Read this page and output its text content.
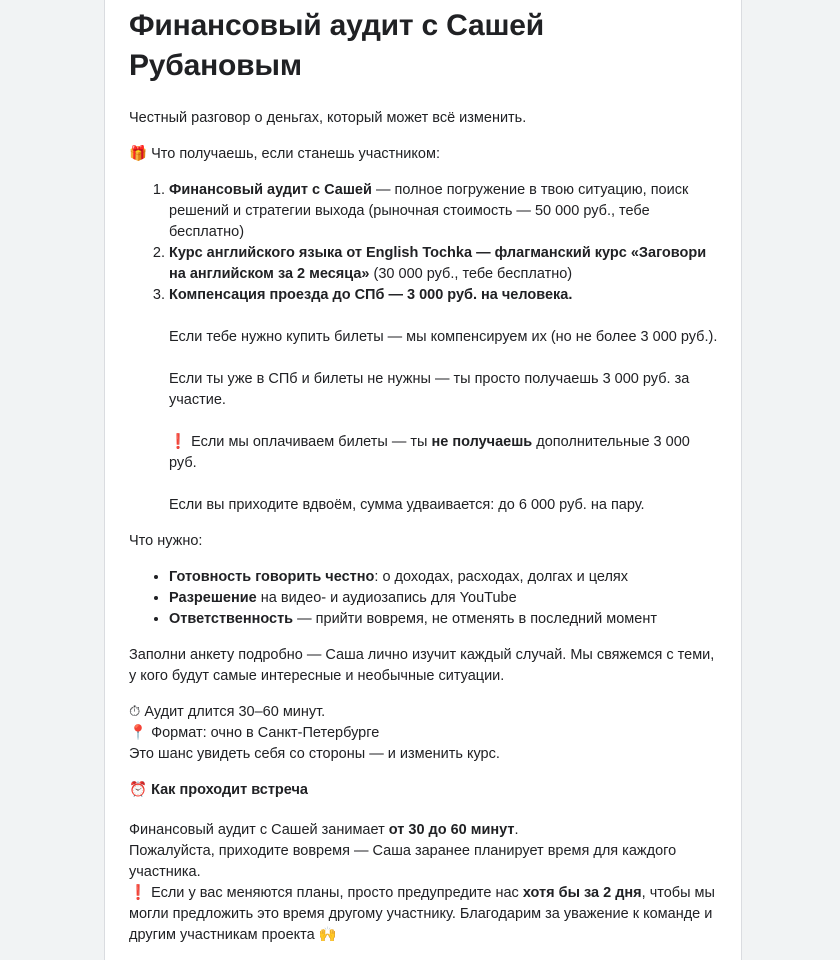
Финансовый аудит с Сашей Рубановым

Честный разговор о деньгах, который может всё изменить.

🎁 Что получаешь, если станешь участником:

1. Финансовый аудит с Сашей — полное погружение в твою ситуацию, поиск решений и стратегии выхода (рыночная стоимость — 50 000 руб., тебе бесплатно)
2. Курс английского языка от English Tochka — флагманский курс «Заговори на английском за 2 месяца» (30 000 руб., тебе бесплатно)
3. Компенсация проезда до СПб — 3 000 руб. на человека.
Если тебе нужно купить билеты — мы компенсируем их (но не более 3 000 руб.).
Если ты уже в СПб и билеты не нужны — ты просто получаешь 3 000 руб. за участие.
❗ Если мы оплачиваем билеты — ты не получаешь дополнительные 3 000 руб.
Если вы приходите вдвоём, сумма удваивается: до 6 000 руб. на пару.

Что нужно:

• Готовность говорить честно: о доходах, расходах, долгах и целях
• Разрешение на видео- и аудиозапись для YouTube
• Ответственность — прийти вовремя, не отменять в последний момент

Заполни анкету подробно — Саша лично изучит каждый случай. Мы свяжемся с теми, у кого будут самые интересные и необычные ситуации.

⏱ Аудит длится 30–60 минут.

📍 Формат: очно в Санкт-Петербурге

Это шанс увидеть себя со стороны — и изменить курс.

⏰ Как проходит встреча

Финансовый аудит с Сашей занимает от 30 до 60 минут.

Пожалуйста, приходите вовремя — Саша заранее планирует время для каждого участника.

❗ Если у вас меняются планы, просто предупредите нас хотя бы за 2 дня, чтобы мы могли предложить это время другому участнику. Благодарим за уважение к команде и другим участникам проекта 🙌
